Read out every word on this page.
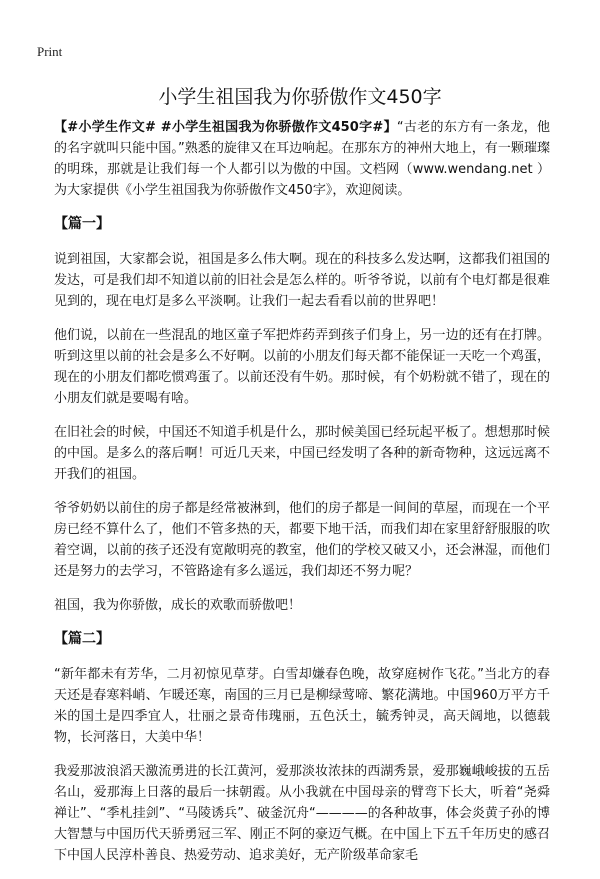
Print
小学生祖国我为你骄傲作文450字

【#小学生作文# #小学生祖国我为你骄傲作文450字#】“古老的东方有一条龙，他的名字就叫只能中国。”熟悉的旋律又在耳边响起。在那东方的神州大地上，有一颗璀璨的明珠，那就是让我们每一个人都引以为傲的中国。文档网（www.wendang.net ）为大家提供《小学生祖国我为你骄傲作文450字》，欢迎阅读。

【篇一】

说到祖国，大家都会说，祖国是多么伟大啊。现在的科技多么发达啊，这都我们祖国的发达，可是我们却不知道以前的旧社会是怎么样的。听爷爷说，以前有个电灯都是很难见到的，现在电灯是多么平淡啊。让我们一起去看看以前的世界吧！

他们说，以前在一些混乱的地区童子军把炸药弄到孩子们身上，另一边的还有在打牌。听到这里以前的社会是多么不好啊。以前的小朋友们每天都不能保证一天吃一个鸡蛋，现在的小朋友们都吃惯鸡蛋了。以前还没有牛奶。那时候，有个奶粉就不错了，现在的小朋友们就是要喝有啥。

在旧社会的时候，中国还不知道手机是什么，那时候美国已经玩起平板了。想想那时候的中国。是多么的落后啊！可近几天来，中国已经发明了各种的新奇物种，这远远离不开我们的祖国。

爷爷奶奶以前住的房子都是经常被淋到，他们的房子都是一间间的草屋，而现在一个平房已经不算什么了，他们不管多热的天，都要下地干活，而我们却在家里舒舒服服的吹着空调，以前的孩子还没有宽敞明亮的教室，他们的学校又破又小，还会淋湿，而他们还是努力的去学习，不管路途有多么遥远，我们却还不努力呢？

祖国，我为你骄傲，成长的欢歌而骄傲吧！

【篇二】

“新年都未有芳华，二月初惊见草芽。白雪却嫌春色晚，故穿庭树作飞花。”当北方的春天还是春寒料峭、乍暖还寒，南国的三月已是柳绿莺啼、繁花满地。中国960万平方千米的国土是四季宜人，壮丽之景奇伟瑰丽，五色沃土，毓秀钟灵，高天阔地，以德载物，长河落日，大美中华！

我爱那波浪滔天激流勇进的长江黄河，爱那淡妆浓抹的西湖秀景，爱那巍峨峻拔的五岳名山，爱那海上日落的最后一抹朝霞。从小我就在中国母亲的臂弯下长大，听着“尧舜禅让”、“季札挂剑”、“马陵诱兵”、破釜沉舟“————的各种故事，体会炎黄子孙的博大智慧与中国历代天骄勇冠三军、刚正不阿的豪迈气概。在中国上下五千年历史的感召下中国人民淳朴善良、热爱劳动、追求美好，无产阶级革命家毛
